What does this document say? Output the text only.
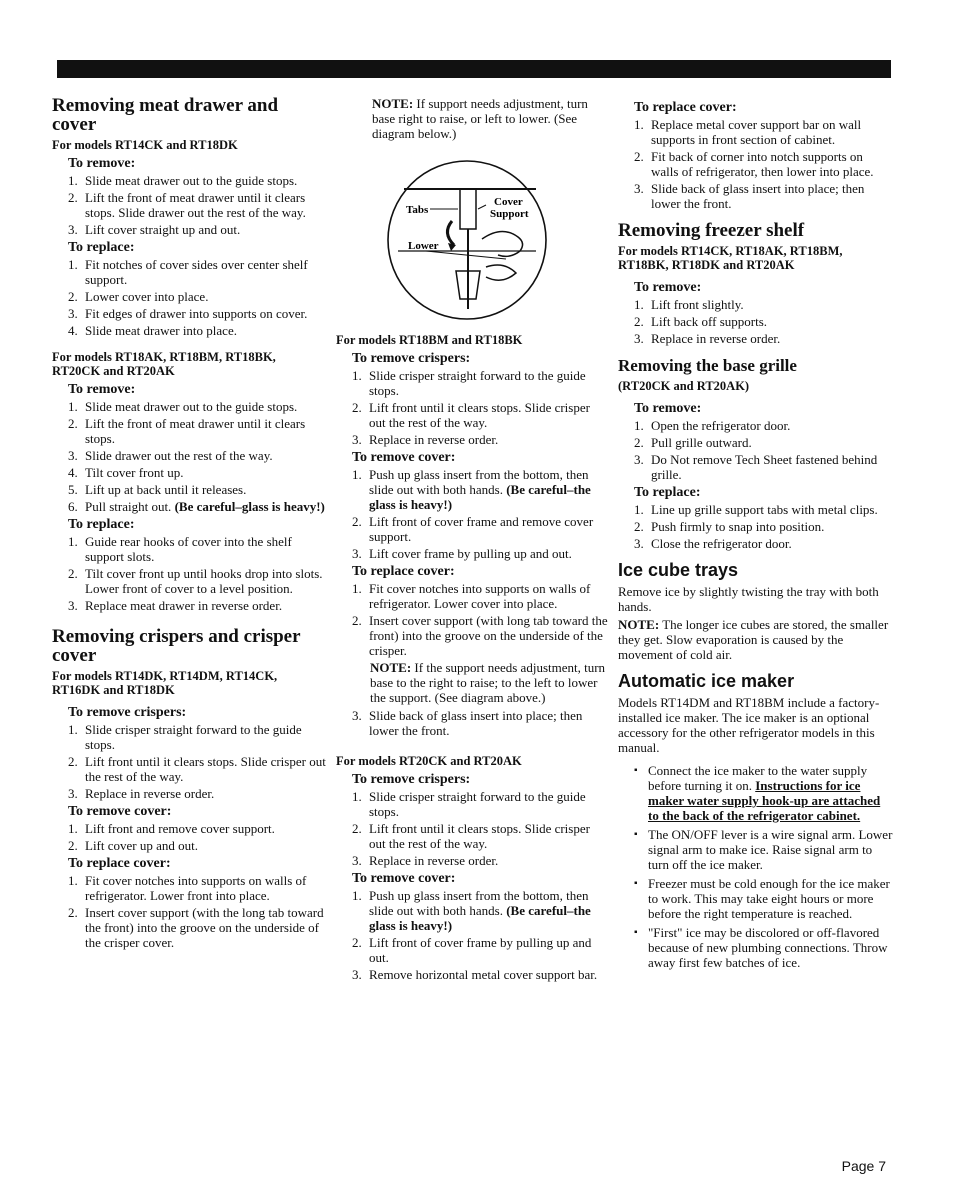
Removing meat drawer and cover
For models RT14CK and RT18DK
To remove:
1. Slide meat drawer out to the guide stops.
2. Lift the front of meat drawer until it clears stops. Slide drawer out the rest of the way.
3. Lift cover straight up and out.
To replace:
1. Fit notches of cover sides over center shelf support.
2. Lower cover into place.
3. Fit edges of drawer into supports on cover.
4. Slide meat drawer into place.
For models RT18AK, RT18BM, RT18BK, RT20CK and RT20AK
To remove:
1. Slide meat drawer out to the guide stops.
2. Lift the front of meat drawer until it clears stops.
3. Slide drawer out the rest of the way.
4. Tilt cover front up.
5. Lift up at back until it releases.
6. Pull straight out. (Be careful–glass is heavy!)
To replace:
1. Guide rear hooks of cover into the shelf support slots.
2. Tilt cover front up until hooks drop into slots. Lower front of cover to a level position.
3. Replace meat drawer in reverse order.
Removing crispers and crisper cover
For models RT14DK, RT14DM, RT14CK, RT16DK and RT18DK
To remove crispers:
1. Slide crisper straight forward to the guide stops.
2. Lift front until it clears stops. Slide crisper out the rest of the way.
3. Replace in reverse order.
To remove cover:
1. Lift front and remove cover support.
2. Lift cover up and out.
To replace cover:
1. Fit cover notches into supports on walls of refrigerator. Lower front into place.
2. Insert cover support (with the long tab toward the front) into the groove on the underside of the crisper cover.
NOTE: If support needs adjustment, turn base right to raise, or left to lower. (See diagram below.)
Tabs
Cover
Support
Lower
For models RT18BM and RT18BK
To remove crispers:
1. Slide crisper straight forward to the guide stops.
2. Lift front until it clears stops. Slide crisper out the rest of the way.
3. Replace in reverse order.
To remove cover:
1. Push up glass insert from the bottom, then slide out with both hands. (Be careful–the glass is heavy!)
2. Lift front of cover frame and remove cover support.
3. Lift cover frame by pulling up and out.
To replace cover:
1. Fit cover notches into supports on walls of refrigerator. Lower cover into place.
2. Insert cover support (with long tab toward the front) into the groove on the underside of the crisper.
NOTE: If the support needs adjustment, turn base to the right to raise; to the left to lower the support. (See diagram above.)
3. Slide back of glass insert into place; then lower the front.
For models RT20CK and RT20AK
To remove crispers:
1. Slide crisper straight forward to the guide stops.
2. Lift front until it clears stops. Slide crisper out the rest of the way.
3. Replace in reverse order.
To remove cover:
1. Push up glass insert from the bottom, then slide out with both hands. (Be careful–the glass is heavy!)
2. Lift front of cover frame by pulling up and out.
3. Remove horizontal metal cover support bar.
To replace cover:
1. Replace metal cover support bar on wall supports in front section of cabinet.
2. Fit back of corner into notch supports on walls of refrigerator, then lower into place.
3. Slide back of glass insert into place; then lower the front.
Removing freezer shelf
For models RT14CK, RT18AK, RT18BM, RT18BK, RT18DK and RT20AK
To remove:
1. Lift front slightly.
2. Lift back off supports.
3. Replace in reverse order.
Removing the base grille
(RT20CK and RT20AK)
To remove:
1. Open the refrigerator door.
2. Pull grille outward.
3. Do Not remove Tech Sheet fastened behind grille.
To replace:
1. Line up grille support tabs with metal clips.
2. Push firmly to snap into position.
3. Close the refrigerator door.
Ice cube trays
Remove ice by slightly twisting the tray with both hands.
NOTE: The longer ice cubes are stored, the smaller they get. Slow evaporation is caused by the movement of cold air.
Automatic ice maker
Models RT14DM and RT18BM include a factory-installed ice maker. The ice maker is an optional accessory for the other refrigerator models in this manual.
▪ Connect the ice maker to the water supply before turning it on. Instructions for ice maker water supply hook-up are attached to the back of the refrigerator cabinet.
▪ The ON/OFF lever is a wire signal arm. Lower signal arm to make ice. Raise signal arm to turn off the ice maker.
▪ Freezer must be cold enough for the ice maker to work. This may take eight hours or more before the right temperature is reached.
▪ "First" ice may be discolored or off-flavored because of new plumbing connections. Throw away first few batches of ice.
Page 7
